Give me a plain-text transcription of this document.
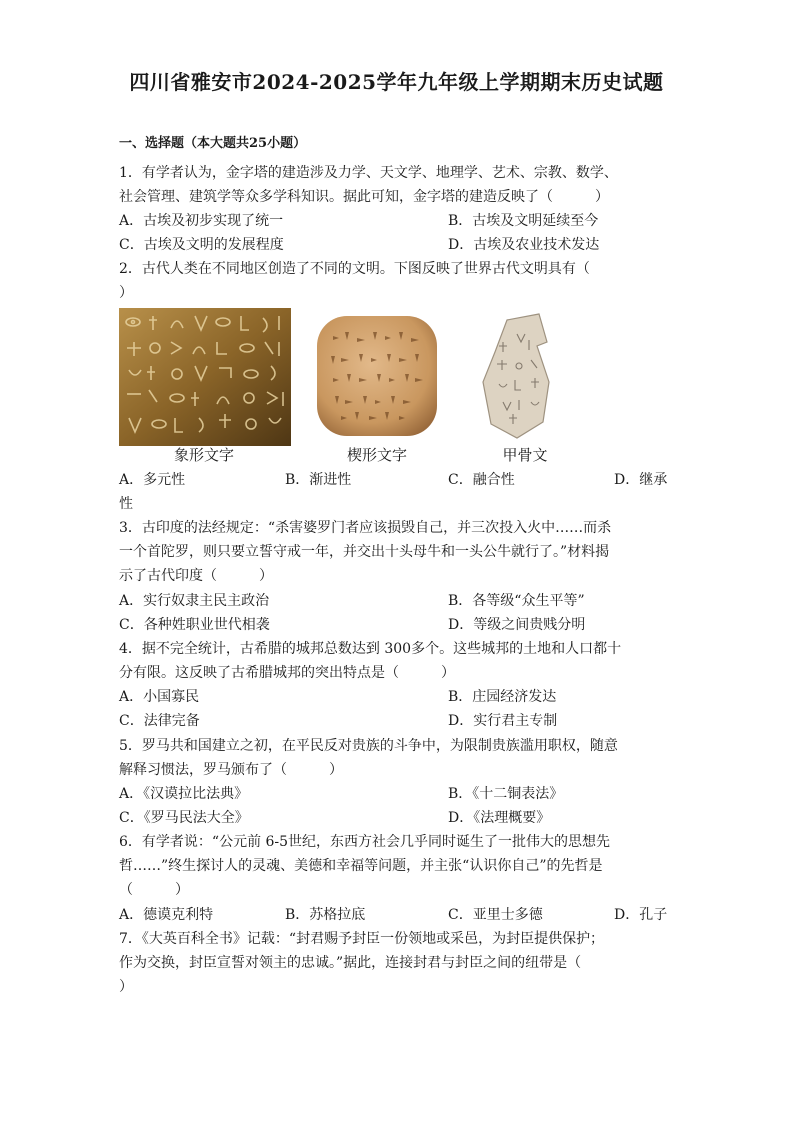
四川省雅安市2024-2025学年九年级上学期期末历史试题
一、选择题（本大题共25小题）
1．有学者认为，金字塔的建造涉及力学、天文学、地理学、艺术、宗教、数学、
社会管理、建筑学等众多学科知识。据此可知，金字塔的建造反映了（　　　）
A．古埃及初步实现了统一	B．古埃及文明延续至今
C．古埃及文明的发展程度	D．古埃及农业技术发达
2．古代人类在不同地区创造了不同的文明。下图反映了世界古代文明具有（
）
象形文字	楔形文字	甲骨文
A．多元性	B．渐进性	C．融合性	D．继承
性
3．古印度的法经规定：“杀害婆罗门者应该损毁自己，并三次投入火中……而杀
一个首陀罗，则只要立誓守戒一年，并交出十头母牛和一头公牛就行了。”材料揭
示了古代印度（　　　）
A．实行奴隶主民主政治	B．各等级“众生平等”
C．各种姓职业世代相袭	D．等级之间贵贱分明
4．据不完全统计，古希腊的城邦总数达到 300多个。这些城邦的土地和人口都十
分有限。这反映了古希腊城邦的突出特点是（　　　）
A．小国寡民	B．庄园经济发达
C．法律完备	D．实行君主专制
5．罗马共和国建立之初，在平民反对贵族的斗争中，为限制贵族滥用职权，随意
解释习惯法，罗马颁布了（　　　）
A．《汉谟拉比法典》	B．《十二铜表法》
C．《罗马民法大全》	D．《法理概要》
6．有学者说：“公元前 6-5世纪，东西方社会几乎同时诞生了一批伟大的思想先
哲……”终生探讨人的灵魂、美德和幸福等问题，并主张“认识你自己”的先哲是
（　　　）
A．德谟克利特	B．苏格拉底	C．亚里士多德	D．孔子
7．《大英百科全书》记载：“封君赐予封臣一份领地或采邑，为封臣提供保护；
作为交换，封臣宣誓对领主的忠诚。”据此，连接封君与封臣之间的纽带是（
）
